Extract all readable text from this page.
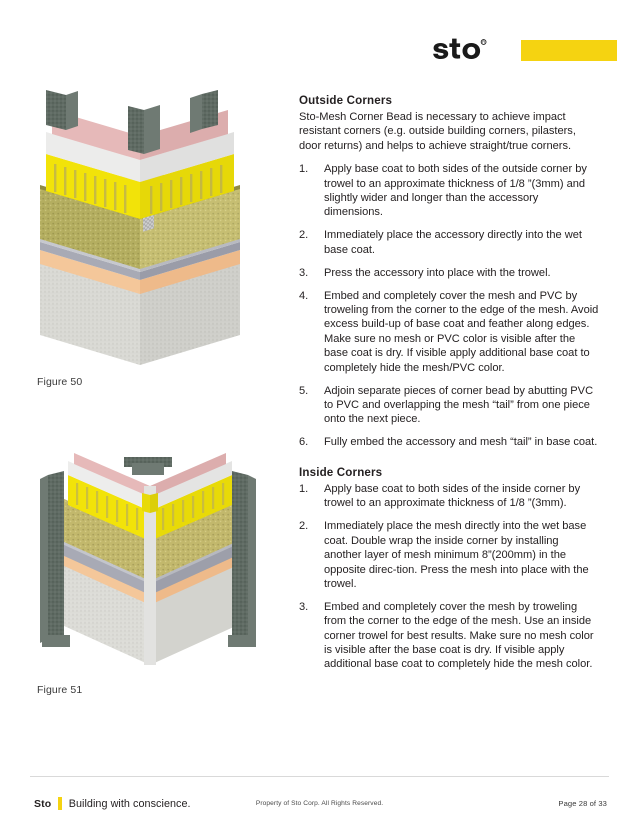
R
Figure 50
Figure 51
Outside Corners

Sto-Mesh Corner Bead is necessary to achieve impact resistant corners (e.g. outside building corners, pilasters, door returns) and helps to achieve straight/true corners.

1.	Apply base coat to both sides of the outside corner by trowel to an approximate thickness of 1/8 ”(3mm) and slightly wider and longer than the accessory dimensions.
2.	Immediately place the accessory directly into the wet base coat.
3.	Press the accessory into place with the trowel.
4.	Embed and completely cover the mesh and PVC by troweling from the corner to the edge of the mesh. Avoid excess build-up of base coat and feather along edges. Make sure no mesh or PVC color is visible after the base coat is dry. If visible apply additional base coat to completely hide the mesh/PVC color.
5.	Adjoin separate pieces of corner bead by abutting PVC to PVC and overlapping the mesh “tail” from one piece onto the next piece.
6.	Fully embed the accessory and mesh “tail” in base coat.
Inside Corners
1.	Apply base coat to both sides of the inside corner by trowel to an approximate thickness of 1/8 ”(3mm).
2.	Immediately place the mesh directly into the wet base coat. Double wrap the inside corner by installing another layer of mesh minimum 8”(200mm) in the opposite direc-tion. Press the mesh into place with the trowel.
3.	Embed and completely cover the mesh by troweling from the corner to the edge of the mesh. Use an inside corner trowel for best results. Make sure no mesh color is visible after the base coat is dry. If visible apply additional base coat to completely hide the mesh color.
Sto Building with conscience.	Property of Sto Corp. All Rights Reserved.	Page 28 of 33
